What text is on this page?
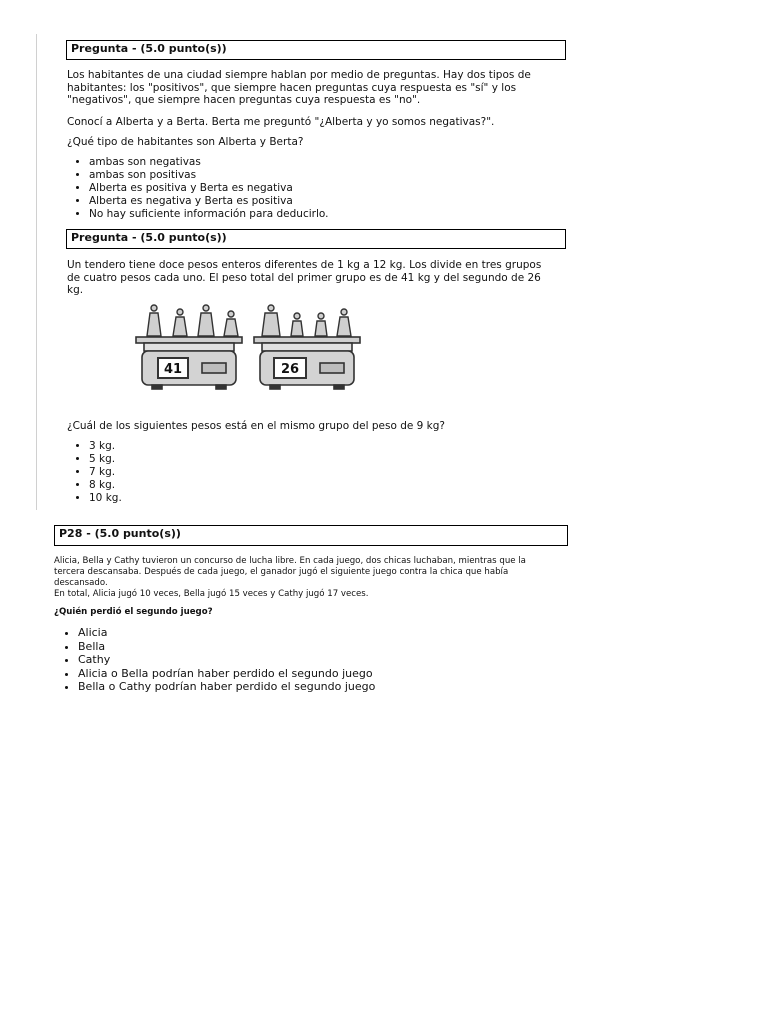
Pregunta - (5.0 punto(s))
Los habitantes de una ciudad siempre hablan por medio de preguntas. Hay dos tipos de
habitantes: los "positivos", que siempre hacen preguntas cuya respuesta es "sí" y los
"negativos", que siempre hacen preguntas cuya respuesta es "no".
Conocí a Alberta y a Berta. Berta me preguntó "¿Alberta y yo somos negativas?".
¿Qué tipo de habitantes son Alberta y Berta?
• ambas son negativas
• ambas son positivas
• Alberta es positiva y Berta es negativa
• Alberta es negativa y Berta es positiva
• No hay suficiente información para deducirlo.
Pregunta - (5.0 punto(s))
Un tendero tiene doce pesos enteros diferentes de 1 kg a 12 kg. Los divide en tres grupos
de cuatro pesos cada uno. El peso total del primer grupo es de 41 kg y del segundo de 26
kg.
41	26
¿Cuál de los siguientes pesos está en el mismo grupo del peso de 9 kg?
• 3 kg.
• 5 kg.
• 7 kg.
• 8 kg.
• 10 kg.
P28 - (5.0 punto(s))
Alicia, Bella y Cathy tuvieron un concurso de lucha libre. En cada juego, dos chicas luchaban, mientras que la
tercera descansaba. Después de cada juego, el ganador jugó el siguiente juego contra la chica que había
descansado.
En total, Alicia jugó 10 veces, Bella jugó 15 veces y Cathy jugó 17 veces.
¿Quién perdió el segundo juego?
• Alicia
• Bella
• Cathy
• Alicia o Bella podrían haber perdido el segundo juego
• Bella o Cathy podrían haber perdido el segundo juego
